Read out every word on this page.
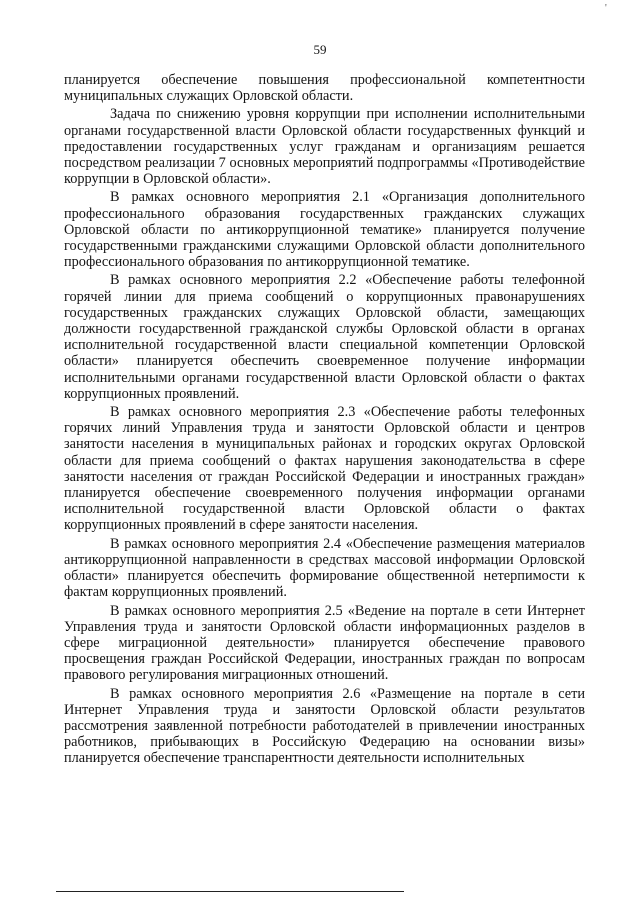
'
59

планируется обеспечение повышения профессиональной компетентности муниципальных служащих Орловской области.

Задача по снижению уровня коррупции при исполнении исполнительными органами государственной власти Орловской области государственных функций и предоставлении государственных услуг гражданам и организациям решается посредством реализации 7 основных мероприятий подпрограммы «Противодействие коррупции в Орловской области».

В рамках основного мероприятия 2.1 «Организация дополнительного профессионального образования государственных гражданских служащих Орловской области по антикоррупционной тематике» планируется получение государственными гражданскими служащими Орловской области дополнительного профессионального образования по антикоррупционной тематике.

В рамках основного мероприятия 2.2 «Обеспечение работы телефонной горячей линии для приема сообщений о коррупционных правонарушениях государственных гражданских служащих Орловской области, замещающих должности государственной гражданской службы Орловской области в органах исполнительной государственной власти специальной компетенции Орловской области» планируется обеспечить своевременное получение информации исполнительными органами государственной власти Орловской области о фактах коррупционных проявлений.

В рамках основного мероприятия 2.3 «Обеспечение работы телефонных горячих линий Управления труда и занятости Орловской области и центров занятости населения в муниципальных районах и городских округах Орловской области для приема сообщений о фактах нарушения законодательства в сфере занятости населения от граждан Российской Федерации и иностранных граждан» планируется обеспечение своевременного получения информации органами исполнительной государственной власти Орловской области о фактах коррупционных проявлений в сфере занятости населения.

В рамках основного мероприятия 2.4 «Обеспечение размещения материалов антикоррупционной направленности в средствах массовой информации Орловской области» планируется обеспечить формирование общественной нетерпимости к фактам коррупционных проявлений.

В рамках основного мероприятия 2.5 «Ведение на портале в сети Интернет Управления труда и занятости Орловской области информационных разделов в сфере миграционной деятельности» планируется обеспечение правового просвещения граждан Российской Федерации, иностранных граждан по вопросам правового регулирования миграционных отношений.

В рамках основного мероприятия 2.6 «Размещение на портале в сети Интернет Управления труда и занятости Орловской области результатов рассмотрения заявленной потребности работодателей в привлечении иностранных работников, прибывающих в Российскую Федерацию на основании визы» планируется обеспечение транспарентности деятельности исполнительных
